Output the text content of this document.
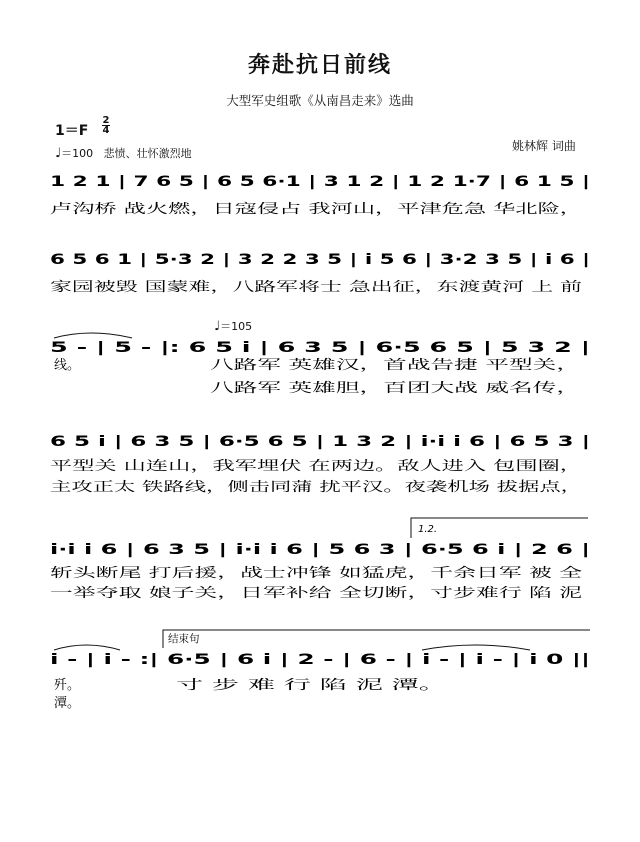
奔赴抗日前线
大型军史组歌《从南昌走来》选曲
1＝F
2
4
♩＝100 悲愤、壮怀激烈地
♩＝105
姚林辉 词曲
1 2 1 | 7 6 5 | 6 5 6·1 | 3 1 2 | 1 2 1·7 | 6 1 5 |
卢沟桥 战火燃，日寇侵占 我河山，平津危急 华北险，
6 5 6 1 | 5·3 2 | 3 2 2 3 5 | i 5 6 | 3·2 3 5 | i 6 |
家园被毁 国蒙难，八路军将士 急出征，东渡黄河 上 前
5 - | 5 - |: 6 5 i | 6 3 5 | 6·5 6 5 | 5 3 2 |
线。	八路军 英雄汉，首战告捷 平型关，
八路军 英雄胆，百团大战 威名传，
6 5 i | 6 3 5 | 6·5 6 5 | 1 3 2 | i·i i 6 | 6 5 3 |
平型关 山连山，我军埋伏 在两边。敌人进入 包围圈，
主攻正太 铁路线，侧击同蒲 扰平汉。夜袭机场 拔据点，
1.2.
i·i i 6 | 6 3 5 | i·i i 6 | 5 6 3 | 6·5 6 i | 2 6 |
斩头断尾 打后援，战士冲锋 如猛虎，千余日军 被 全
一举夺取 娘子关，日军补给 全切断，寸步难行 陷 泥
结束句
i - | i - :| 6·5 | 6 i | 2 - | 6 - | i - | i - | i 0 ||
歼。	寸 步 难 行 陷 泥 潭。
潭。
